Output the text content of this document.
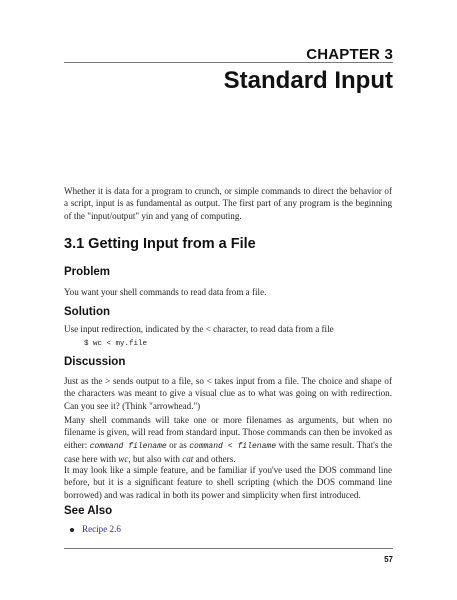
CHAPTER 3
Standard Input

Whether it is data for a program to crunch, or simple commands to direct the behavior of a script, input is as fundamental as output. The first part of any program is the beginning of the "input/output" yin and yang of computing.

3.1 Getting Input from a File
Problem

You want your shell commands to read data from a file.

Solution

Use input redirection, indicated by the < character, to read data from a file

$ wc < my.file
Discussion

Just as the > sends output to a file, so < takes input from a file. The choice and shape of the characters was meant to give a visual clue as to what was going on with redirection. Can you see it? (Think "arrowhead.")

Many shell commands will take one or more filenames as arguments, but when no filename is given, will read from standard input. Those commands can then be invoked as either: command filename or as command < filename with the same result. That's the case here with wc, but also with cat and others.

It may look like a simple feature, and be familiar if you've used the DOS command line before, but it is a significant feature to shell scripting (which the DOS command line borrowed) and was radical in both its power and simplicity when first introduced.

See Also
Recipe 2.6
57
